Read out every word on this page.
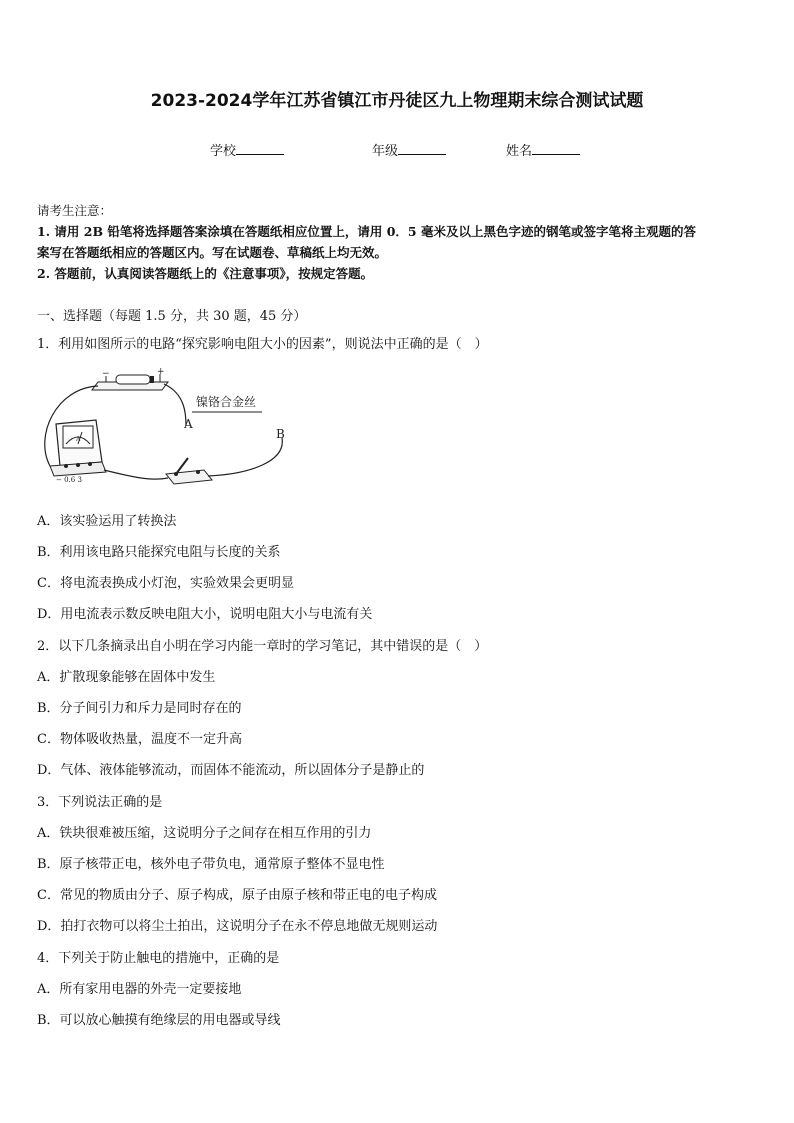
2023-2024学年江苏省镇江市丹徒区九上物理期末综合测试试题
学校	年级	姓名
请考生注意：
1. 请用 2B 铅笔将选择题答案涂填在答题纸相应位置上，请用 0．5 毫米及以上黑色字迹的钢笔或签字笔将主观题的答
案写在答题纸相应的答题区内。写在试题卷、草稿纸上均无效。
2. 答题前，认真阅读答题纸上的《注意事项》，按规定答题。
一、选择题（每题 1.5 分，共 30 题，45 分）
1．利用如图所示的电路“探究影响电阻大小的因素”，则说法中正确的是（　）
−	+
A
− 0.6 3
镍铬合金丝
A
B
A．该实验运用了转换法
B．利用该电路只能探究电阻与长度的关系
C．将电流表换成小灯泡，实验效果会更明显
D．用电流表示数反映电阻大小，说明电阻大小与电流有关
2．以下几条摘录出自小明在学习内能一章时的学习笔记，其中错误的是（　）
A．扩散现象能够在固体中发生
B．分子间引力和斥力是同时存在的
C．物体吸收热量，温度不一定升高
D．气体、液体能够流动，而固体不能流动，所以固体分子是静止的
3．下列说法正确的是
A．铁块很难被压缩，这说明分子之间存在相互作用的引力
B．原子核带正电，核外电子带负电，通常原子整体不显电性
C．常见的物质由分子、原子构成，原子由原子核和带正电的电子构成
D．拍打衣物可以将尘土拍出，这说明分子在永不停息地做无规则运动
4．下列关于防止触电的措施中，正确的是
A．所有家用电器的外壳一定要接地
B．可以放心触摸有绝缘层的用电器或导线
